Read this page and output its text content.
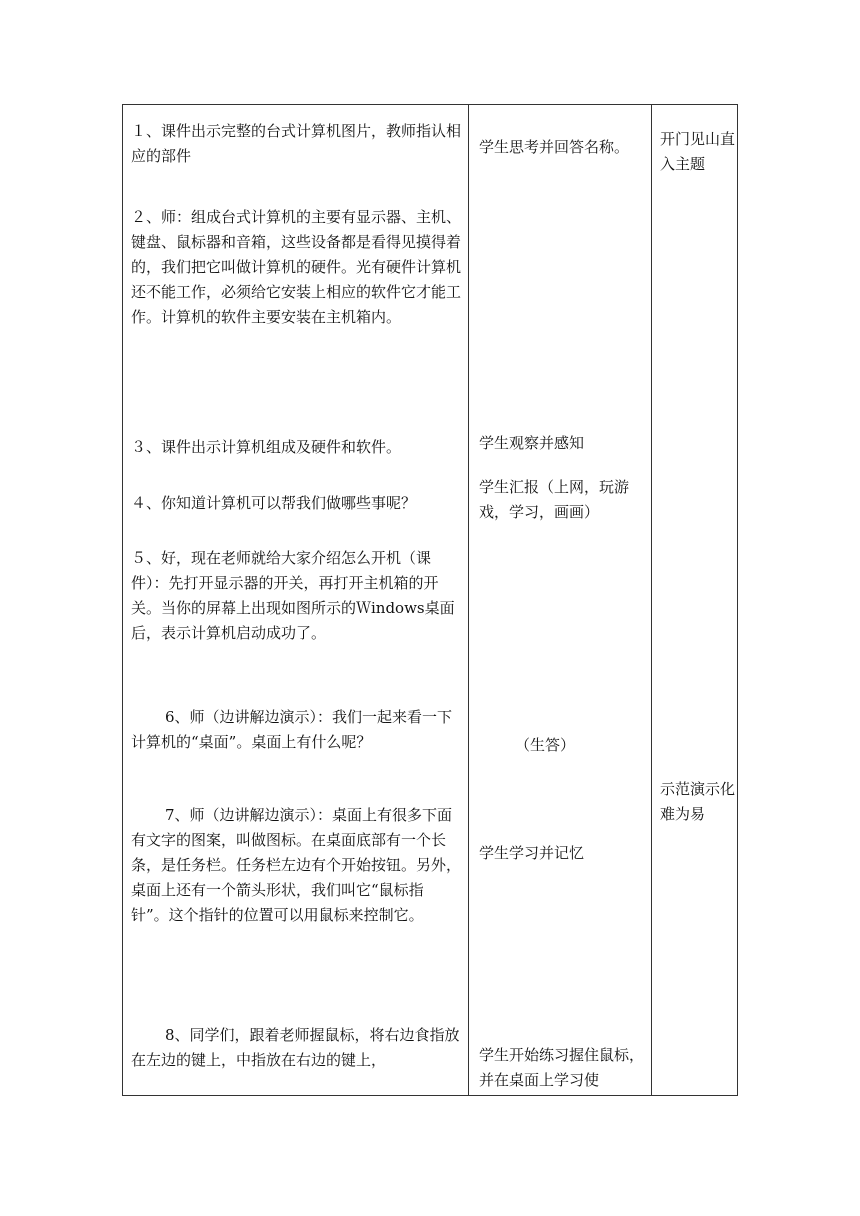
１、课件出示完整的台式计算机图片，教师指认相应的部件

２、师：组成台式计算机的主要有显示器、主机、键盘、鼠标器和音箱，这些设备都是看得见摸得着的，我们把它叫做计算机的硬件。光有硬件计算机还不能工作，必须给它安装上相应的软件它才能工作。计算机的软件主要安装在主机箱内。

３、课件出示计算机组成及硬件和软件。

４、你知道计算机可以帮我们做哪些事呢？

５、好，现在老师就给大家介绍怎么开机（课件）：先打开显示器的开关，再打开主机箱的开关。当你的屏幕上出现如图所示的Ｗindows桌面后，表示计算机启动成功了。

6、师（边讲解边演示）：我们一起来看一下计算机的“桌面”。桌面上有什么呢？

7、师（边讲解边演示）：桌面上有很多下面有文字的图案，叫做图标。在桌面底部有一个长条，是任务栏。任务栏左边有个开始按钮。另外，桌面上还有一个箭头形状，我们叫它“鼠标指针”。这个指针的位置可以用鼠标来控制它。

8、同学们，跟着老师握鼠标，将右边食指放在左边的键上，中指放在右边的键上，

学生思考并回答名称。

学生观察并感知

学生汇报（上网，玩游戏，学习，画画）

（生答）

学生学习并记忆

学生开始练习握住鼠标，并在桌面上学习使

开门见山直入主题

示范演示化难为易
